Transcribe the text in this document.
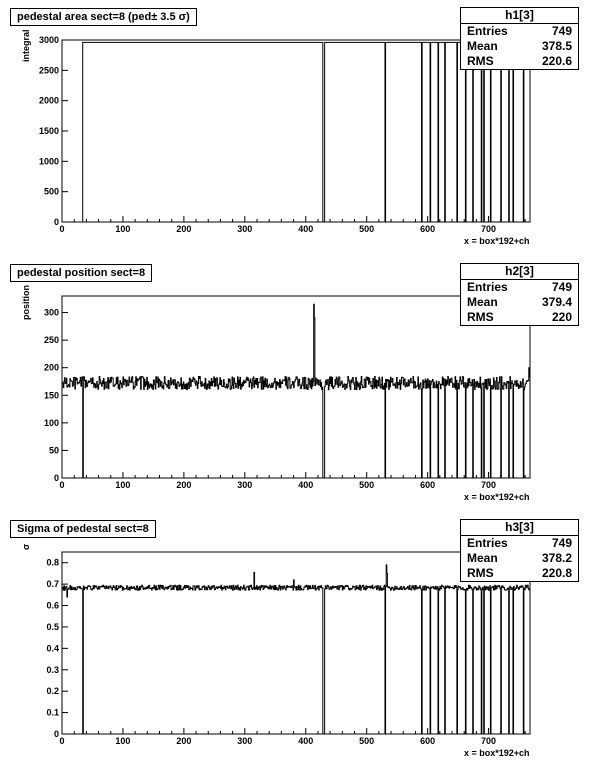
0	100	200	300	400	500	600	700
0
500
1000
1500
2000
2500
3000
pedestal area sect=8 (ped± 3.5 σ)
integral
x = box*192+ch
h1[3]
Entries	749
Mean	378.5
RMS	220.6
0	100	200	300	400	500	600	700
0
50
100
150
200
250
300
pedestal position sect=8
position
x = box*192+ch
h2[3]
Entries	749
Mean	379.4
RMS	220
0	100	200	300	400	500	600	700
0
0.1
0.2
0.3
0.4
0.5
0.6
0.7
0.8
Sigma of pedestal sect=8
σ
x = box*192+ch
h3[3]
Entries	749
Mean	378.2
RMS	220.8
